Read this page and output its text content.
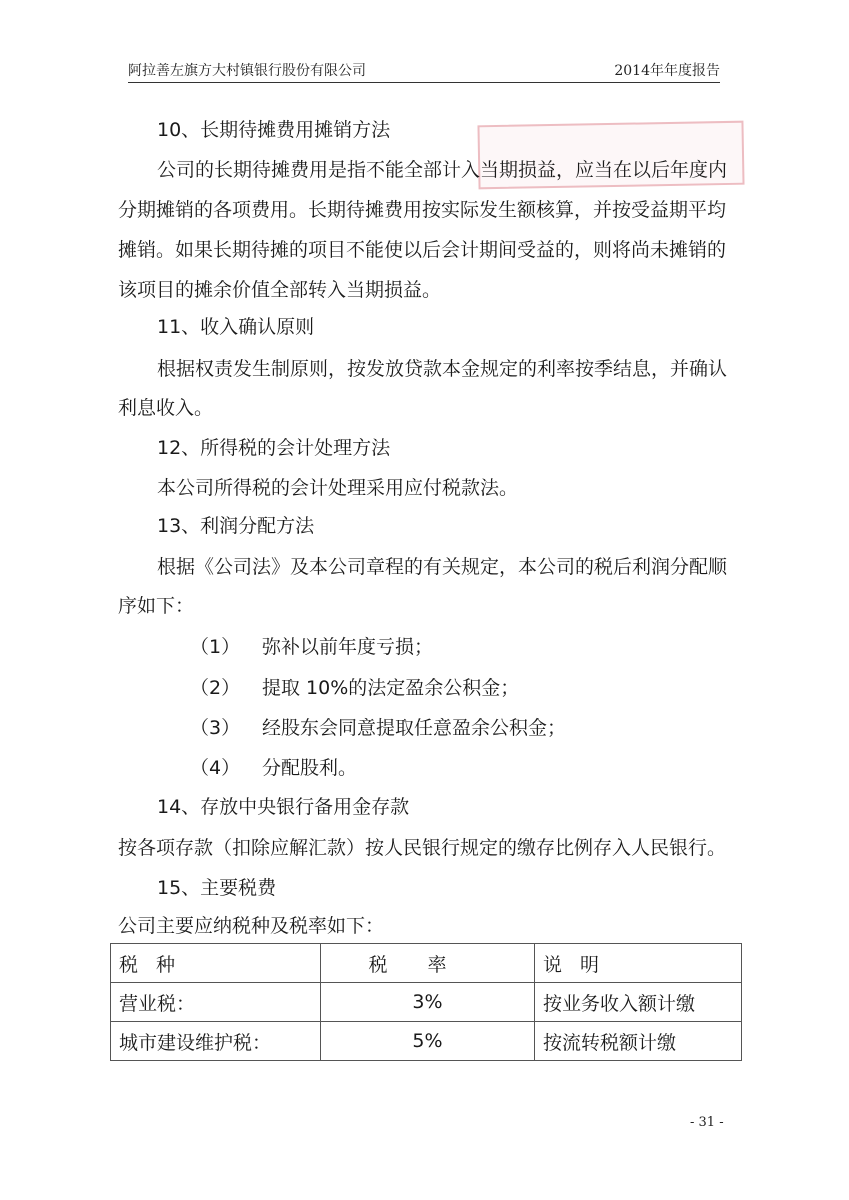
阿拉善左旗方大村镇银行股份有限公司	2014年年度报告
10、长期待摊费用摊销方法
公司的长期待摊费用是指不能全部计入当期损益，应当在以后年度内
分期摊销的各项费用。长期待摊费用按实际发生额核算，并按受益期平均
摊销。如果长期待摊的项目不能使以后会计期间受益的，则将尚未摊销的
该项目的摊余价值全部转入当期损益。
11、收入确认原则
根据权责发生制原则，按发放贷款本金规定的利率按季结息，并确认
利息收入。
12、所得税的会计处理方法
本公司所得税的会计处理采用应付税款法。
13、利润分配方法
根据《公司法》及本公司章程的有关规定，本公司的税后利润分配顺
序如下：
（1） 弥补以前年度亏损；
（2） 提取 10%的法定盈余公积金；
（3） 经股东会同意提取任意盈余公积金；
（4） 分配股利。
14、存放中央银行备用金存款
按各项存款（扣除应解汇款）按人民银行规定的缴存比例存入人民银行。
15、主要税费
公司主要应纳税种及税率如下：
税种	税率	说明
营业税：	3%	按业务收入额计缴
城市建设维护税：	5%	按流转税额计缴
- 31 -
